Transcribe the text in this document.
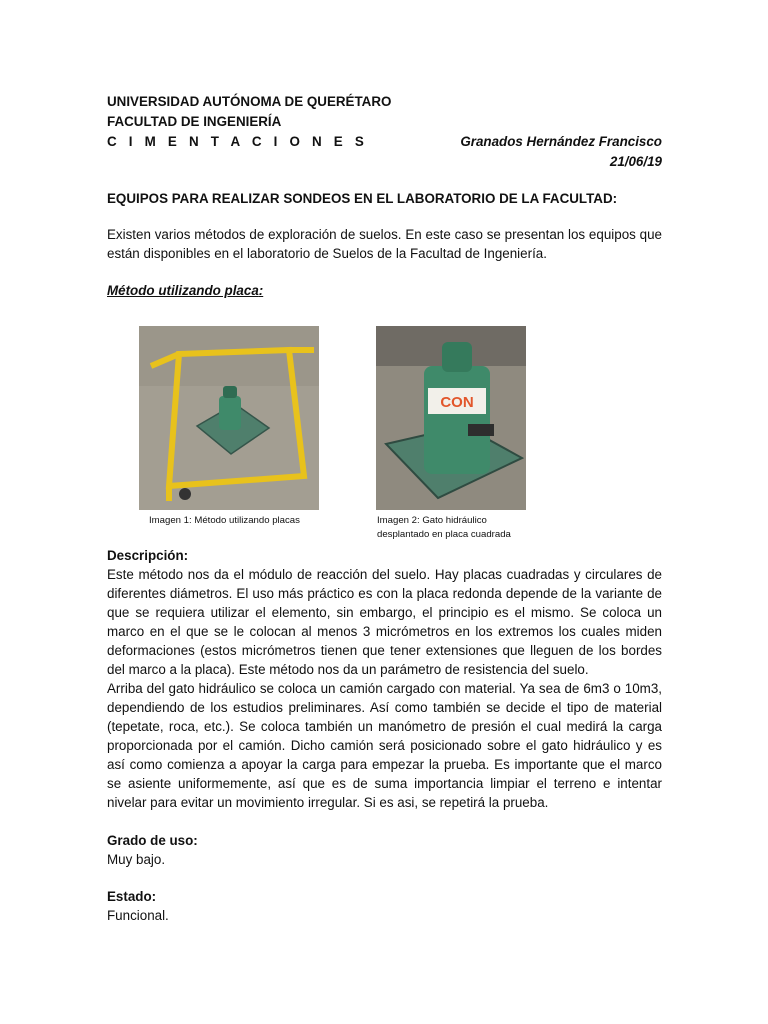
UNIVERSIDAD AUTÓNOMA DE QUERÉTARO
FACULTAD DE INGENIERÍA
C I M E N T A C I O N E S	Granados Hernández Francisco
21/06/19
EQUIPOS PARA REALIZAR SONDEOS EN EL LABORATORIO DE LA FACULTAD:
Existen varios métodos de exploración de suelos. En este caso se presentan los equipos que están disponibles en el laboratorio de Suelos de la Facultad de Ingeniería.
Método utilizando placa:
CON
Imagen 1: Método utilizando placas	Imagen 2: Gato hidráulico
desplantado en placa cuadrada
Descripción:

Este método nos da el módulo de reacción del suelo. Hay placas cuadradas y circulares de diferentes diámetros. El uso más práctico es con la placa redonda depende de la variante de que se requiera utilizar el elemento, sin embargo, el principio es el mismo. Se coloca un marco en el que se le colocan al menos 3 micrómetros en los extremos los cuales miden deformaciones (estos micrómetros tienen que tener extensiones que lleguen de los bordes del marco a la placa). Este método nos da un parámetro de resistencia del suelo.

Arriba del gato hidráulico se coloca un camión cargado con material. Ya sea de 6m3 o 10m3, dependiendo de los estudios preliminares. Así como también se decide el tipo de material (tepetate, roca, etc.). Se coloca también un manómetro de presión el cual medirá la carga proporcionada por el camión. Dicho camión será posicionado sobre el gato hidráulico y es así como comienza a apoyar la carga para empezar la prueba. Es importante que el marco se asiente uniformemente, así que es de suma importancia limpiar el terreno e intentar nivelar para evitar un movimiento irregular. Si es asi, se repetirá la prueba.

Grado de uso:
Muy bajo.
Estado:
Funcional.
